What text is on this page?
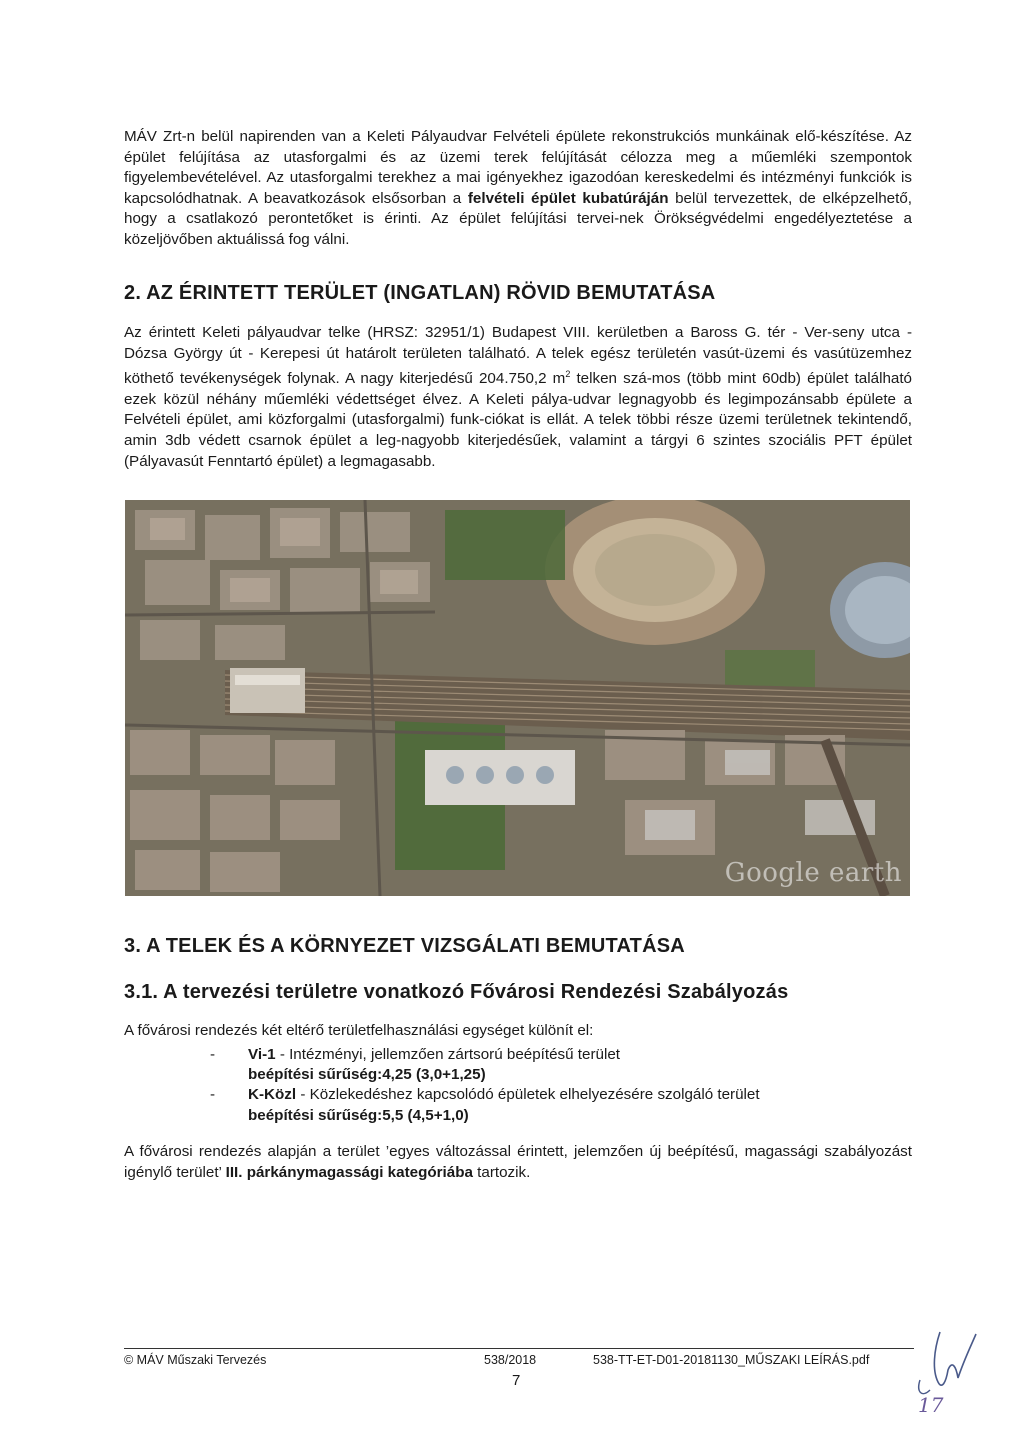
MÁV Zrt-n belül napirenden van a Keleti Pályaudvar Felvételi épülete rekonstrukciós munkáinak elő-készítése. Az épület felújítása az utasforgalmi és az üzemi terek felújítását célozza meg a műemléki szempontok figyelembevételével. Az utasforgalmi terekhez a mai igényekhez igazodóan kereskedelmi és intézményi funkciók is kapcsolódhatnak. A beavatkozások elsősorban a felvételi épület kubatúráján belül tervezettek, de elképzelhető, hogy a csatlakozó perontetőket is érinti. Az épület felújítási tervei-nek Örökségvédelmi engedélyeztetése a közeljövőben aktuálissá fog válni.

2. AZ ÉRINTETT TERÜLET (INGATLAN) RÖVID BEMUTATÁSA

Az érintett Keleti pályaudvar telke (HRSZ: 32951/1) Budapest VIII. kerületben a Baross G. tér - Ver-seny utca - Dózsa György út - Kerepesi út határolt területen található. A telek egész területén vasút-üzemi és vasútüzemhez köthető tevékenységek folynak. A nagy kiterjedésű 204.750,2 $m^2$ telken szá-mos (több mint 60db) épület található ezek közül néhány műemléki védettséget élvez. A Keleti pálya-udvar legnagyobb és legimpozánsabb épülete a Felvételi épület, ami közforgalmi (utasforgalmi) funk-ciókat is ellát. A telek többi része üzemi területnek tekintendő, amin 3db védett csarnok épület a leg-nagyobb kiterjedésűek, valamint a tárgyi 6 szintes szociális PFT épület (Pályavasút Fenntartó épület) a legmagasabb.

Google earth
3. A TELEK ÉS A KÖRNYEZET VIZSGÁLATI BEMUTATÁSA
3.1. A tervezési területre vonatkozó Fővárosi Rendezési Szabályozás

A fővárosi rendezés két eltérő területfelhasználási egységet különít el:

- Vi-1 - Intézményi, jellemzően zártsorú beépítésű terület
beépítési sűrűség:4,25 (3,0+1,25)
- K-Közl - Közlekedéshez kapcsolódó épületek elhelyezésére szolgáló terület
beépítési sűrűség:5,5 (4,5+1,0)

A fővárosi rendezés alapján a terület ’egyes változással érintett, jelemzően új beépítésű, magassági szabályozást igénylő terület’ III. párkánymagassági kategóriába tartozik.

© MÁV Műszaki Tervezés	538/2018	538-TT-ET-D01-20181130_MŰSZAKI LEÍRÁS.pdf
7
17
